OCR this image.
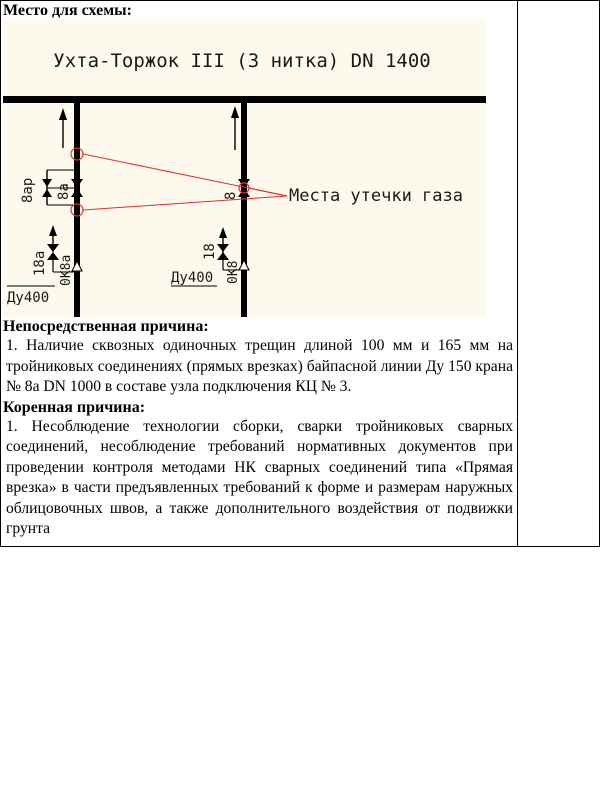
Место для схемы:

Ухта-Торжок III (3 нитка) DN 1400
8ар 8а
18а 0К8а
Ду400
8
18
0К8
Ду400
Места утечки газа

Непосредственная причина:

1. Наличие сквозных одиночных трещин длиной 100 мм и 165 мм на тройниковых соединениях (прямых врезках) байпасной линии Ду 150 крана № 8а DN 1000 в составе узла подключения КЦ № 3.

Коренная причина:

1. Несоблюдение технологии сборки, сварки тройниковых сварных соединений, несоблюдение требований нормативных документов при проведении контроля методами НК сварных соединений типа «Прямая врезка» в части предъявленных требований к форме и размерам наружных облицовочных швов, а также дополнительного воздействия от подвижки грунта
